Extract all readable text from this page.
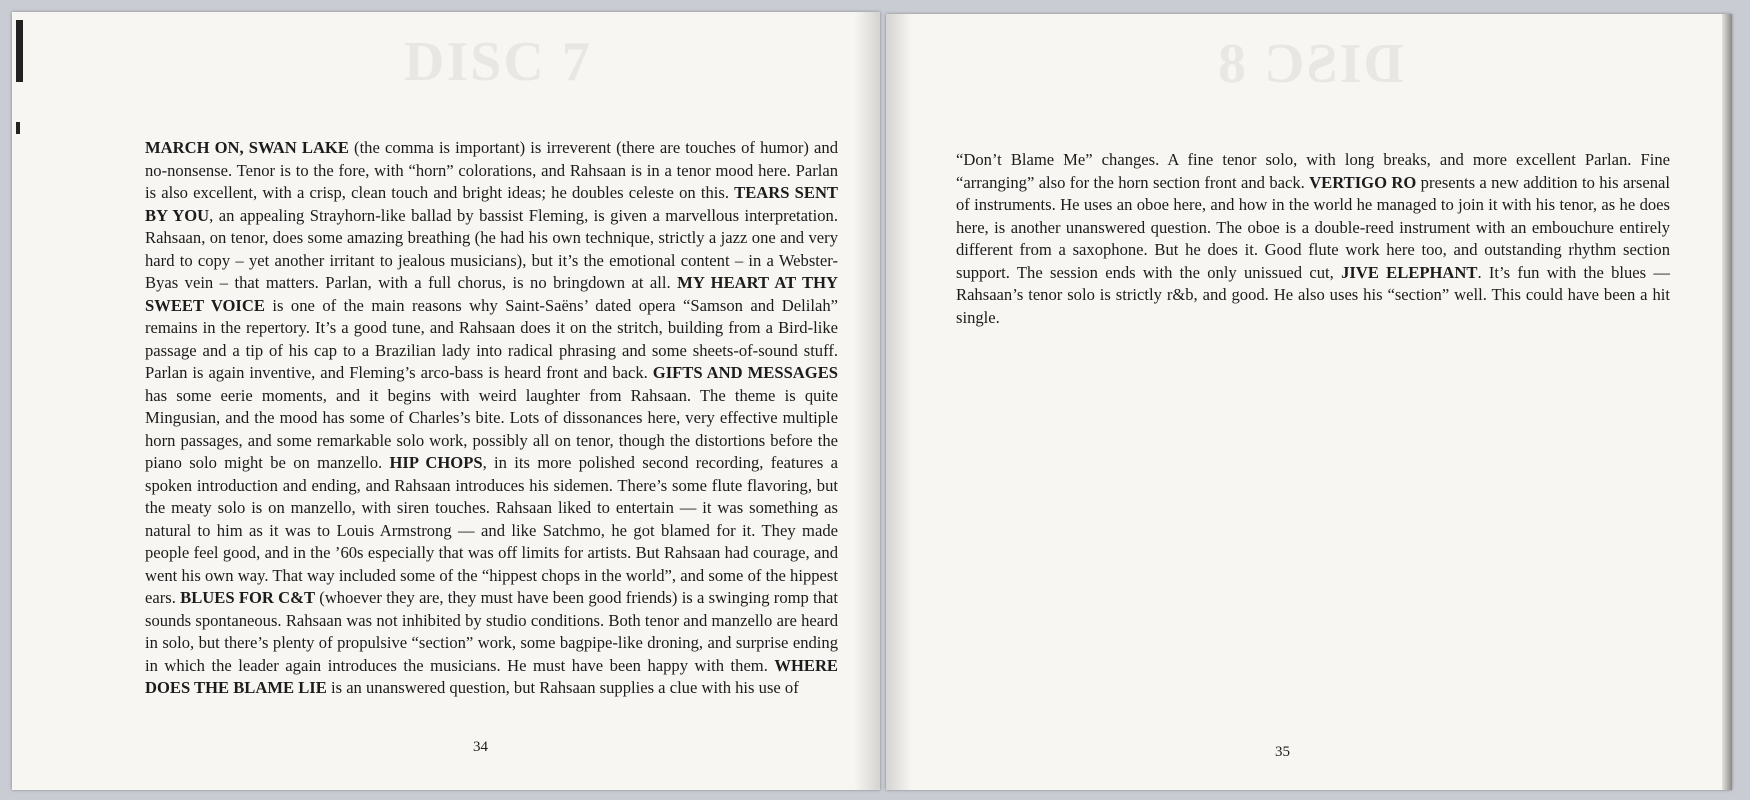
DISC 7
MARCH ON, SWAN LAKE (the comma is important) is irreverent (there are touches of humor) and no-nonsense. Tenor is to the fore, with “horn” colorations, and Rahsaan is in a tenor mood here. Parlan is also excellent, with a crisp, clean touch and bright ideas; he doubles celeste on this. TEARS SENT BY YOU, an appealing Strayhorn-like ballad by bassist Fleming, is given a marvellous interpretation. Rahsaan, on tenor, does some amazing breathing (he had his own technique, strictly a jazz one and very hard to copy – yet another irritant to jealous musicians), but it’s the emotional content – in a Webster-Byas vein – that matters. Parlan, with a full chorus, is no bringdown at all. MY HEART AT THY SWEET VOICE is one of the main reasons why Saint-Saëns’ dated opera “Samson and Delilah” remains in the repertory. It’s a good tune, and Rahsaan does it on the stritch, building from a Bird-like passage and a tip of his cap to a Brazilian lady into radical phrasing and some sheets-of-sound stuff. Parlan is again inventive, and Fleming’s arco-bass is heard front and back. GIFTS AND MESSAGES has some eerie moments, and it begins with weird laughter from Rahsaan. The theme is quite Mingusian, and the mood has some of Charles’s bite. Lots of dissonances here, very effective multiple horn passages, and some remarkable solo work, possibly all on tenor, though the distortions before the piano solo might be on manzello. HIP CHOPS, in its more polished second recording, features a spoken introduction and ending, and Rahsaan introduces his sidemen. There’s some flute flavoring, but the meaty solo is on manzello, with siren touches. Rahsaan liked to entertain — it was something as natural to him as it was to Louis Armstrong — and like Satchmo, he got blamed for it. They made people feel good, and in the ’60s especially that was off limits for artists. But Rahsaan had courage, and went his own way. That way included some of the “hippest chops in the world”, and some of the hippest ears. BLUES FOR C&T (whoever they are, they must have been good friends) is a swinging romp that sounds spontaneous. Rahsaan was not inhibited by studio conditions. Both tenor and manzello are heard in solo, but there’s plenty of propulsive “section” work, some bagpipe-like droning, and surprise ending in which the leader again introduces the musicians. He must have been happy with them. WHERE DOES THE BLAME LIE is an unanswered question, but Rahsaan supplies a clue with his use of
34
DISC 8
“Don’t Blame Me” changes. A fine tenor solo, with long breaks, and more excellent Parlan. Fine “arranging” also for the horn section front and back. VERTIGO RO presents a new addition to his arsenal of instruments. He uses an oboe here, and how in the world he managed to join it with his tenor, as he does here, is another unanswered question. The oboe is a double-reed instrument with an embouchure entirely different from a saxophone. But he does it. Good flute work here too, and outstanding rhythm section support. The session ends with the only unissued cut, JIVE ELEPHANT. It’s fun with the blues — Rahsaan’s tenor solo is strictly r&b, and good. He also uses his “section” well. This could have been a hit single.
35
